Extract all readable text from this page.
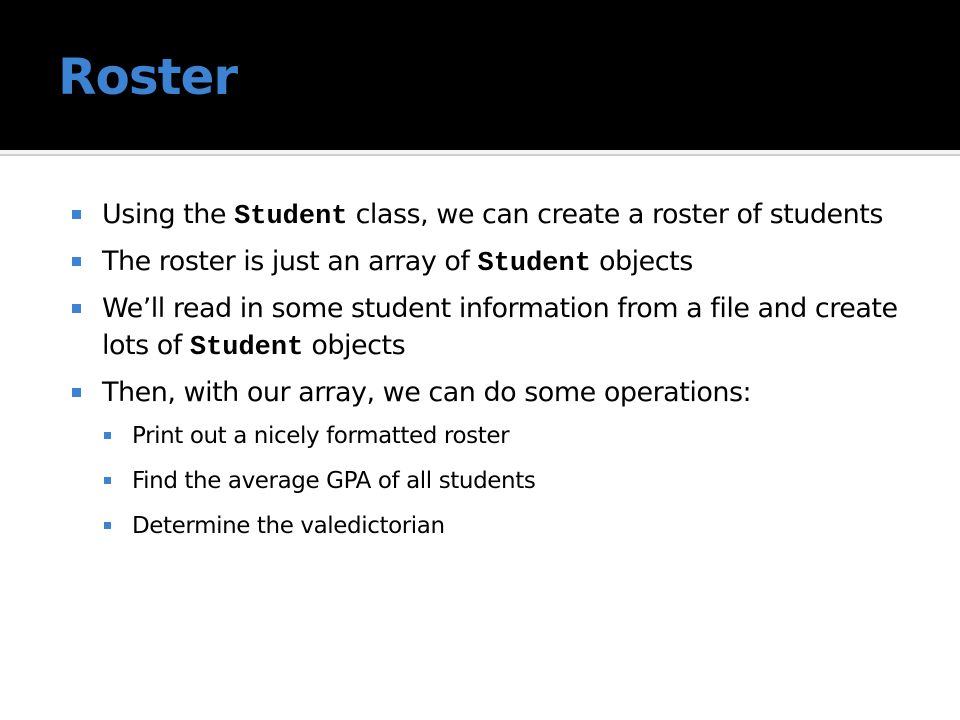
Roster
Using the Student class, we can create a roster of students
The roster is just an array of Student objects
We’ll read in some student information from a file and create lots of Student objects
Then, with our array, we can do some operations:
Print out a nicely formatted roster
Find the average GPA of all students
Determine the valedictorian
